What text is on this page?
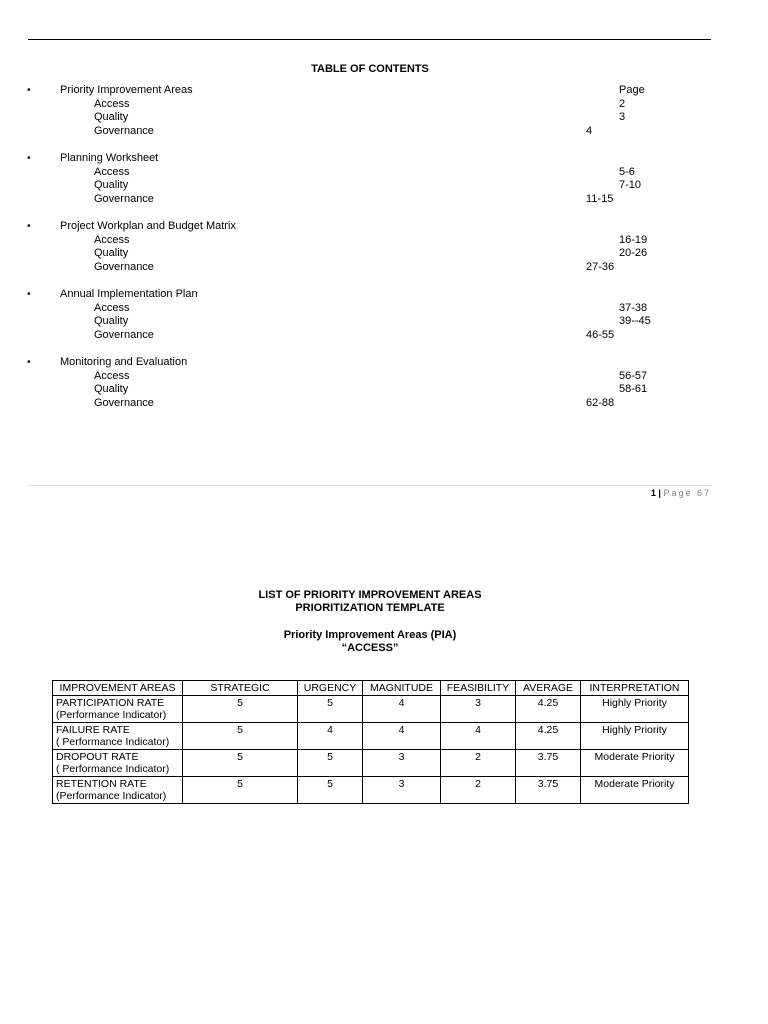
TABLE OF CONTENTS
•	Priority Improvement Areas	Page
Access	2
Quality	3
Governance	4
•	Planning Worksheet
Access	5-6
Quality	7-10
Governance	11-15
•	Project Workplan and Budget Matrix
Access	16-19
Quality	20-26
Governance	27-36
•	Annual Implementation Plan
Access	37-38
Quality	39--45
Governance	46-55
•	Monitoring and Evaluation
Access	56-57
Quality	58-61
Governance	62-88
1 | Page 67
LIST OF PRIORITY IMPROVEMENT AREAS
PRIORITIZATION TEMPLATE
Priority Improvement Areas (PIA)
“ACCESS”
IMPROVEMENT AREAS	STRATEGIC	URGENCY	MAGNITUDE	FEASIBILITY	AVERAGE	INTERPRETATION

PARTICIPATION RATE
(Performance Indicator)	5	5	4	3	4.25	Highly Priority

FAILURE RATE
( Performance Indicator)	5	4	4	4	4.25	Highly Priority

DROPOUT RATE
( Performance Indicator)	5	5	3	2	3.75	Moderate Priority

RETENTION RATE
(Performance Indicator)	5	5	3	2	3.75	Moderate Priority
